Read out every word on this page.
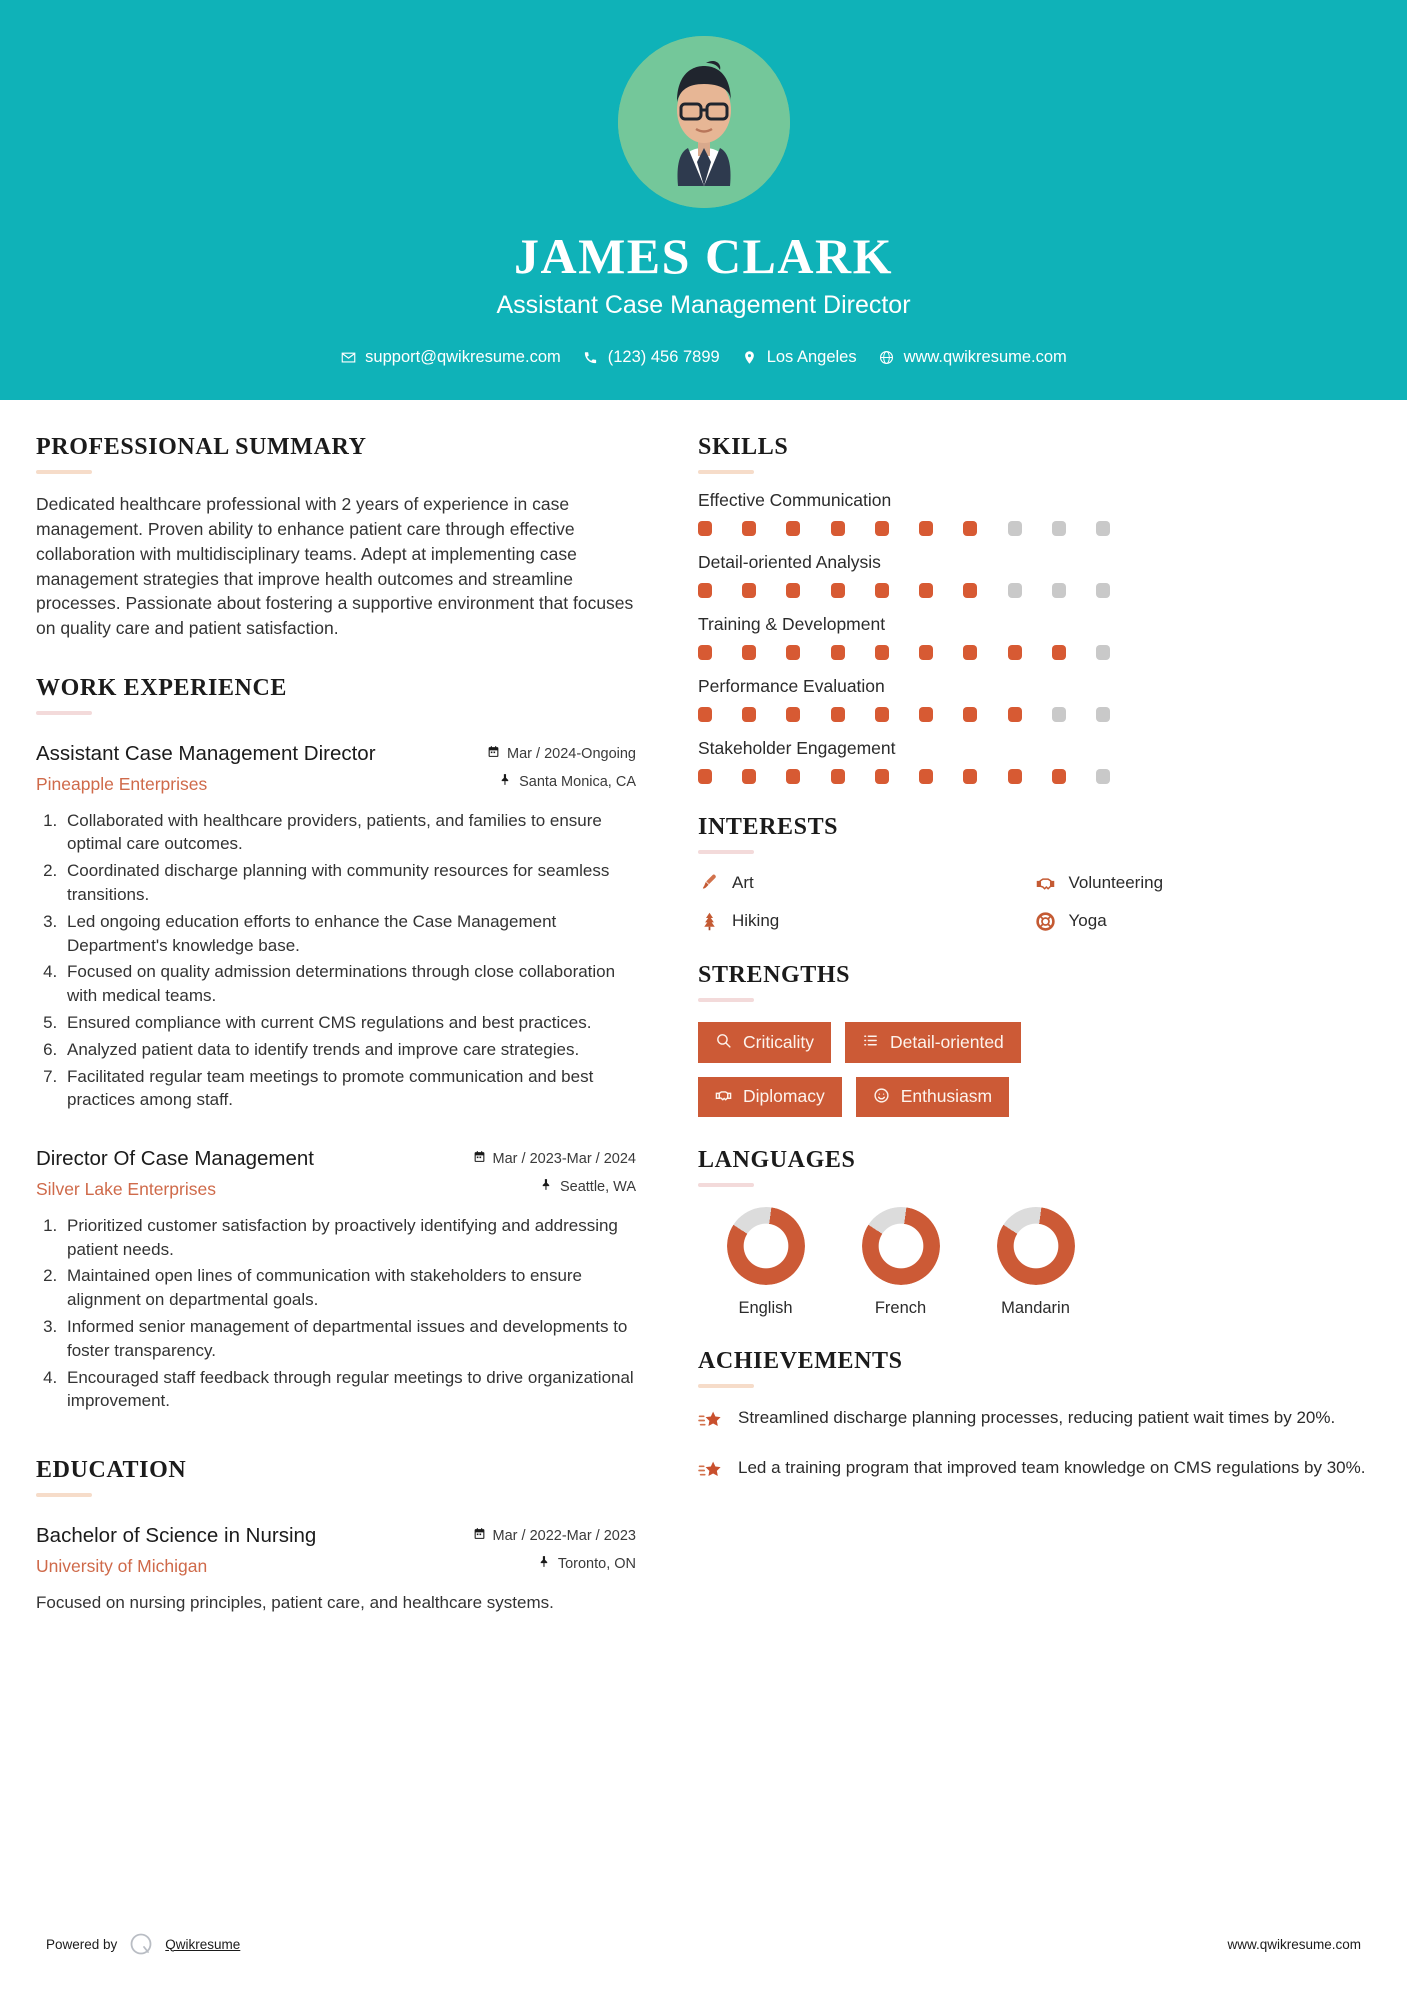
JAMES CLARK
Assistant Case Management Director
support@qwikresume.com	(123) 456 7899	Los Angeles	www.qwikresume.com
PROFESSIONAL SUMMARY

Dedicated healthcare professional with 2 years of experience in case management. Proven ability to enhance patient care through effective collaboration with multidisciplinary teams. Adept at implementing case management strategies that improve health outcomes and streamline processes. Passionate about fostering a supportive environment that focuses on quality care and patient satisfaction.

WORK EXPERIENCE
Assistant Case Management Director
Pineapple Enterprises
Mar / 2024-Ongoing
Santa Monica, CA
1. Collaborated with healthcare providers, patients, and families to ensure optimal care outcomes.
2. Coordinated discharge planning with community resources for seamless transitions.
3. Led ongoing education efforts to enhance the Case Management Department's knowledge base.
4. Focused on quality admission determinations through close collaboration with medical teams.
5. Ensured compliance with current CMS regulations and best practices.
6. Analyzed patient data to identify trends and improve care strategies.
7. Facilitated regular team meetings to promote communication and best practices among staff.
Director Of Case Management
Silver Lake Enterprises
Mar / 2023-Mar / 2024
Seattle, WA
1. Prioritized customer satisfaction by proactively identifying and addressing patient needs.
2. Maintained open lines of communication with stakeholders to ensure alignment on departmental goals.
3. Informed senior management of departmental issues and developments to foster transparency.
4. Encouraged staff feedback through regular meetings to drive organizational improvement.
EDUCATION
Bachelor of Science in Nursing
University of Michigan
Mar / 2022-Mar / 2023
Toronto, ON
Focused on nursing principles, patient care, and healthcare systems.
SKILLS
Effective Communication
Detail-oriented Analysis
Training & Development
Performance Evaluation
Stakeholder Engagement
INTERESTS
Art	Volunteering
Hiking	Yoga
STRENGTHS
Criticality	Detail-oriented
Diplomacy	Enthusiasm
LANGUAGES
English	French	Mandarin
ACHIEVEMENTS
Streamlined discharge planning processes, reducing patient wait times by 20%.
Led a training program that improved team knowledge on CMS regulations by 30%.
Powered by	Qwikresume	www.qwikresume.com
